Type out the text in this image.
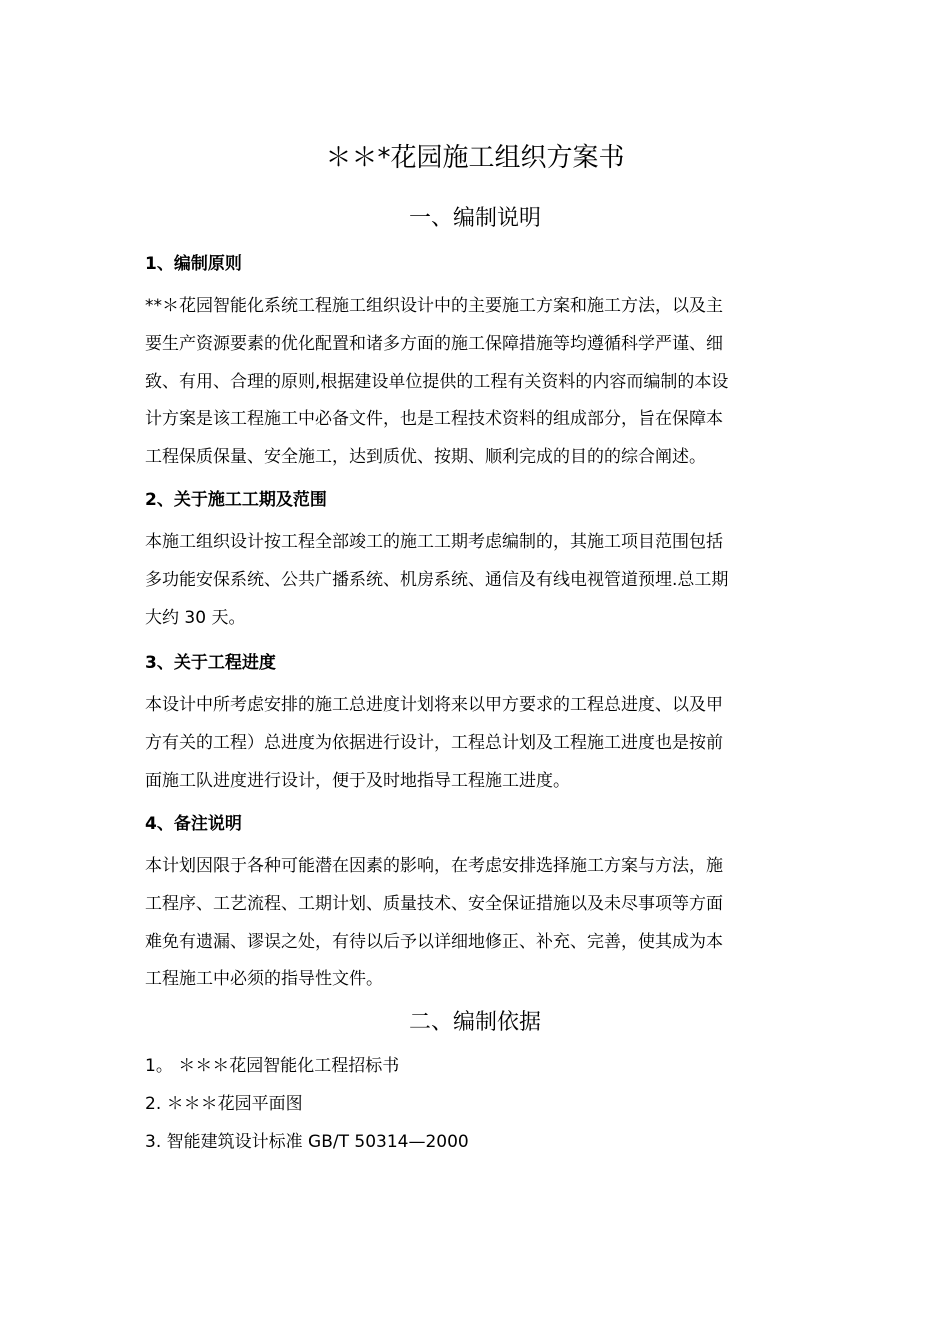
＊＊*花园施工组织方案书
一、编制说明
1、编制原则
**＊花园智能化系统工程施工组织设计中的主要施工方案和施工方法，以及主
要生产资源要素的优化配置和诸多方面的施工保障措施等均遵循科学严谨、细
致、有用、合理的原则,根据建设单位提供的工程有关资料的内容而编制的本设
计方案是该工程施工中必备文件，也是工程技术资料的组成部分，旨在保障本
工程保质保量、安全施工，达到质优、按期、顺利完成的目的的综合阐述。
2、关于施工工期及范围
本施工组织设计按工程全部竣工的施工工期考虑编制的，其施工项目范围包括
多功能安保系统、公共广播系统、机房系统、通信及有线电视管道预埋.总工期
大约 30 天。
3、关于工程进度
本设计中所考虑安排的施工总进度计划将来以甲方要求的工程总进度、以及甲
方有关的工程）总进度为依据进行设计，工程总计划及工程施工进度也是按前
面施工队进度进行设计，便于及时地指导工程施工进度。
4、备注说明
本计划因限于各种可能潜在因素的影响，在考虑安排选择施工方案与方法，施
工程序、工艺流程、工期计划、质量技术、安全保证措施以及未尽事项等方面
难免有遗漏、谬误之处，有待以后予以详细地修正、补充、完善，使其成为本
工程施工中必须的指导性文件。
二、编制依据
1。 ＊＊＊花园智能化工程招标书
2. ＊＊＊花园平面图
3. 智能建筑设计标准 GB/T 50314—2000
